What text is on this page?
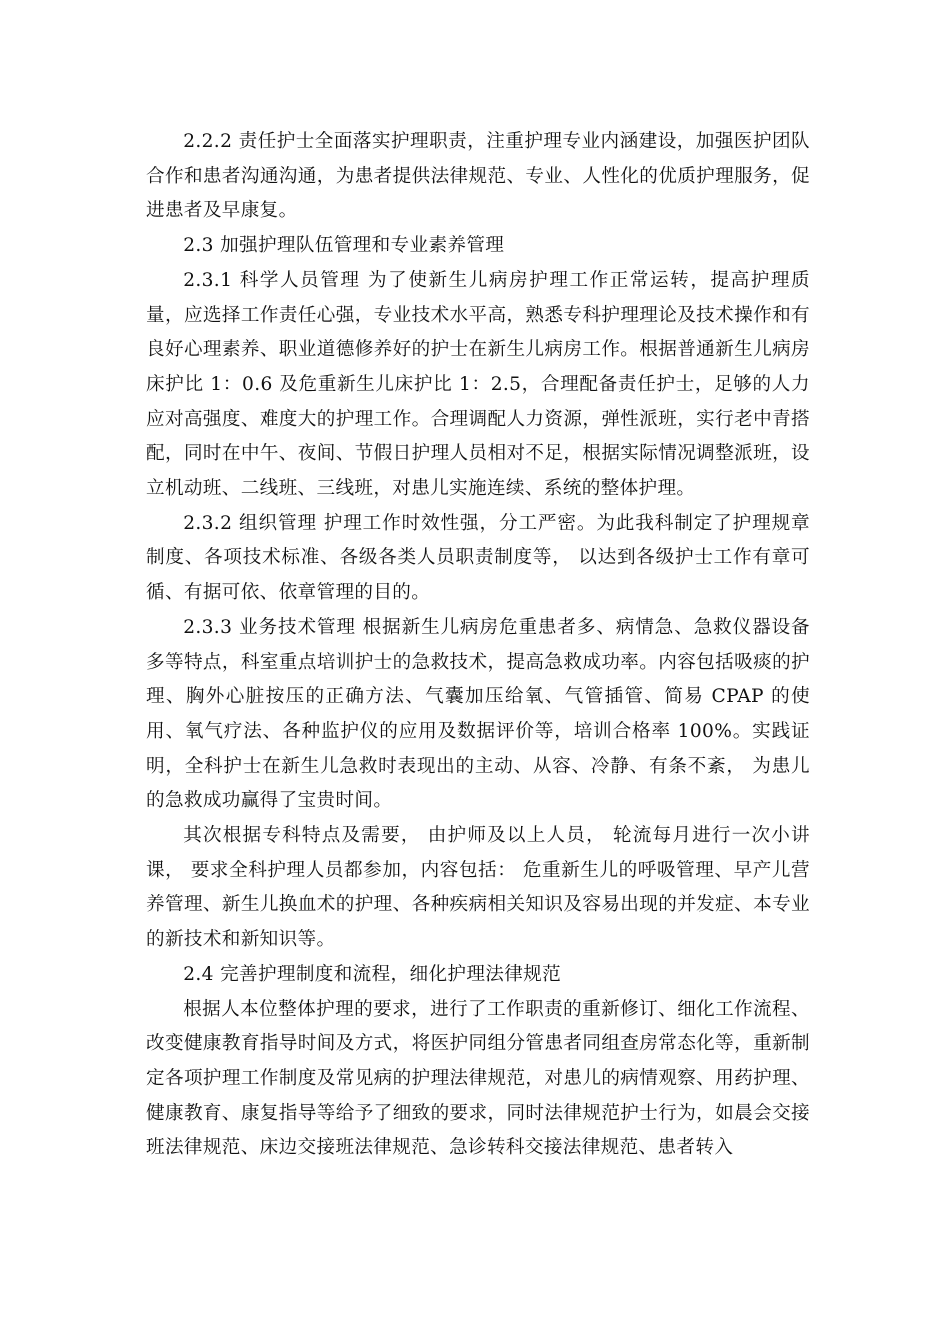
2.2.2 责任护士全面落实护理职责，注重护理专业内涵建设，加强医护团队合作和患者沟通沟通，为患者提供法律规范、专业、人性化的优质护理服务，促进患者及早康复。

2.3 加强护理队伍管理和专业素养管理

2.3.1 科学人员管理 为了使新生儿病房护理工作正常运转，提高护理质量，应选择工作责任心强，专业技术水平高，熟悉专科护理理论及技术操作和有良好心理素养、职业道德修养好的护士在新生儿病房工作。根据普通新生儿病房床护比 1：0.6 及危重新生儿床护比 1：2.5，合理配备责任护士，足够的人力应对高强度、难度大的护理工作。合理调配人力资源，弹性派班，实行老中青搭配，同时在中午、夜间、节假日护理人员相对不足，根据实际情况调整派班，设立机动班、二线班、三线班，对患儿实施连续、系统的整体护理。

2.3.2 组织管理 护理工作时效性强，分工严密。为此我科制定了护理规章制度、各项技术标准、各级各类人员职责制度等， 以达到各级护士工作有章可循、有据可依、依章管理的目的。

2.3.3 业务技术管理 根据新生儿病房危重患者多、病情急、急救仪器设备多等特点，科室重点培训护士的急救技术，提高急救成功率。内容包括吸痰的护理、胸外心脏按压的正确方法、气囊加压给氧、气管插管、简易 CPAP 的使用、氧气疗法、各种监护仪的应用及数据评价等，培训合格率 100%。实践证明，全科护士在新生儿急救时表现出的主动、从容、冷静、有条不紊， 为患儿的急救成功赢得了宝贵时间。

其次根据专科特点及需要， 由护师及以上人员， 轮流每月进行一次小讲课， 要求全科护理人员都参加，内容包括： 危重新生儿的呼吸管理、早产儿营养管理、新生儿换血术的护理、各种疾病相关知识及容易出现的并发症、本专业的新技术和新知识等。

2.4 完善护理制度和流程，细化护理法律规范

根据人本位整体护理的要求，进行了工作职责的重新修订、细化工作流程、改变健康教育指导时间及方式，将医护同组分管患者同组查房常态化等，重新制定各项护理工作制度及常见病的护理法律规范，对患儿的病情观察、用药护理、健康教育、康复指导等给予了细致的要求，同时法律规范护士行为，如晨会交接班法律规范、床边交接班法律规范、急诊转科交接法律规范、患者转入
